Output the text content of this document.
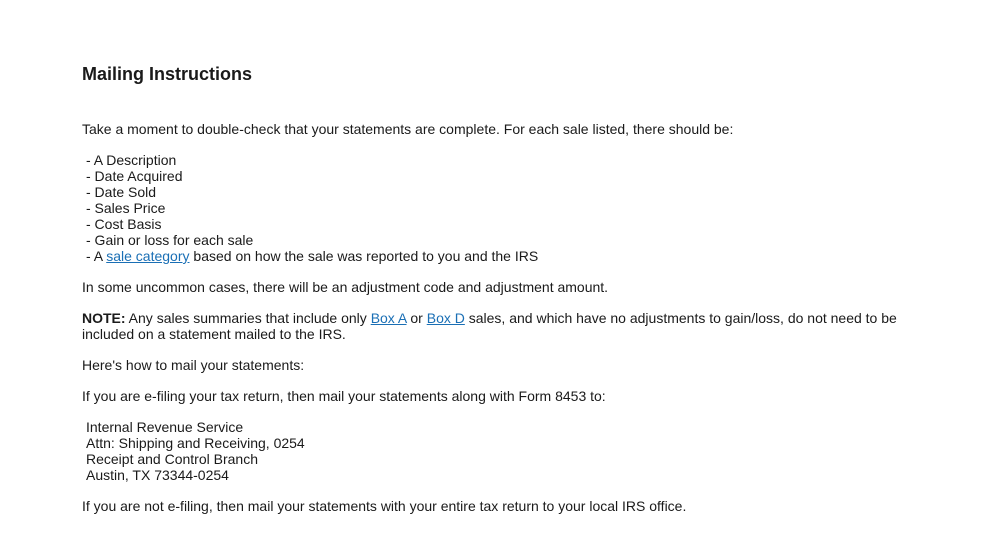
Mailing Instructions
Take a moment to double-check that your statements are complete. For each sale listed, there should be:
- A Description
- Date Acquired
- Date Sold
- Sales Price
- Cost Basis
- Gain or loss for each sale
- A sale category based on how the sale was reported to you and the IRS
In some uncommon cases, there will be an adjustment code and adjustment amount.
NOTE: Any sales summaries that include only Box A or Box D sales, and which have no adjustments to gain/loss, do not need to be included on a statement mailed to the IRS.
Here's how to mail your statements:
If you are e-filing your tax return, then mail your statements along with Form 8453 to:
Internal Revenue Service
Attn: Shipping and Receiving, 0254
Receipt and Control Branch
Austin, TX 73344-0254
If you are not e-filing, then mail your statements with your entire tax return to your local IRS office.
